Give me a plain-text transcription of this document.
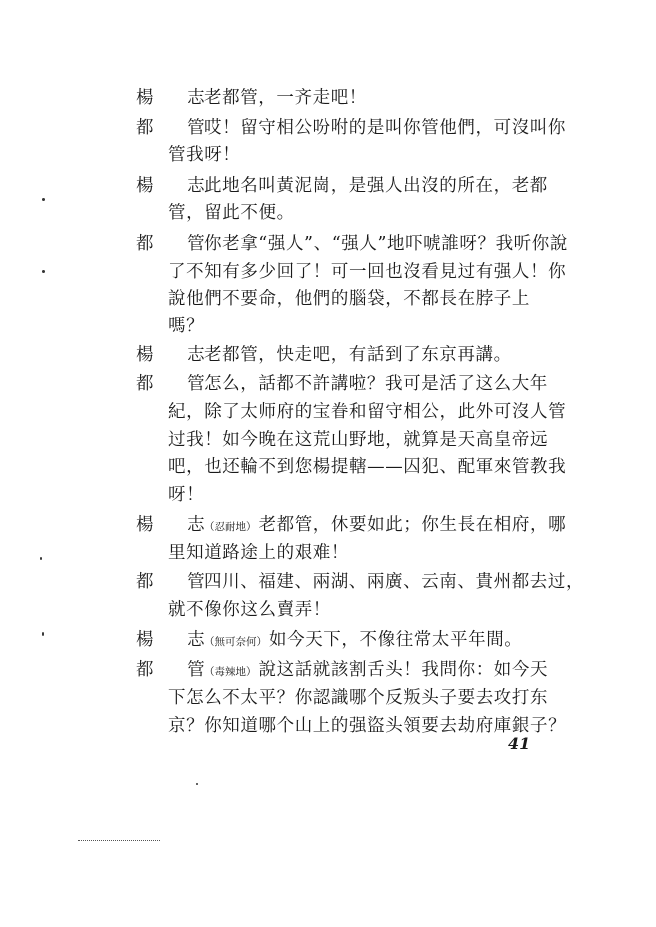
楊 志
老都管，一齐走吧！
都 管
哎！留守相公吩咐的是叫你管他們，可沒叫你
管我呀！
楊 志
此地名叫黃泥崗，是强人出沒的所在，老都
管，留此不便。
都 管
你老拿“强人”、“强人”地吓唬誰呀？我听你說
了不知有多少回了！可一回也沒看見过有强人！你
說他們不要命，他們的腦袋，不都長在脖子上
嗎？
楊 志
老都管，快走吧，有話到了东京再講。
都 管
怎么，話都不許講啦？我可是活了这么大年
紀，除了太师府的宝眷和留守相公，此外可沒人管
过我！如今晚在这荒山野地，就算是天高皇帝远
吧，也还輪不到您楊提轄——囚犯、配軍來管教我
呀！
楊 志
（忍耐地） 老都管，休要如此；你生長在相府，哪
里知道路途上的艰难！
都 管
四川、福建、兩湖、兩廣、云南、貴州都去过，
就不像你这么賣弄！
楊 志
（無可奈何） 如今天下，不像往常太平年間。
都 管
（毒辣地） 說这話就該割舌头！我問你：如今天
下怎么不太平？你認識哪个反叛头子要去攻打东
京？你知道哪个山上的强盜头領要去劫府庫銀子？
41
